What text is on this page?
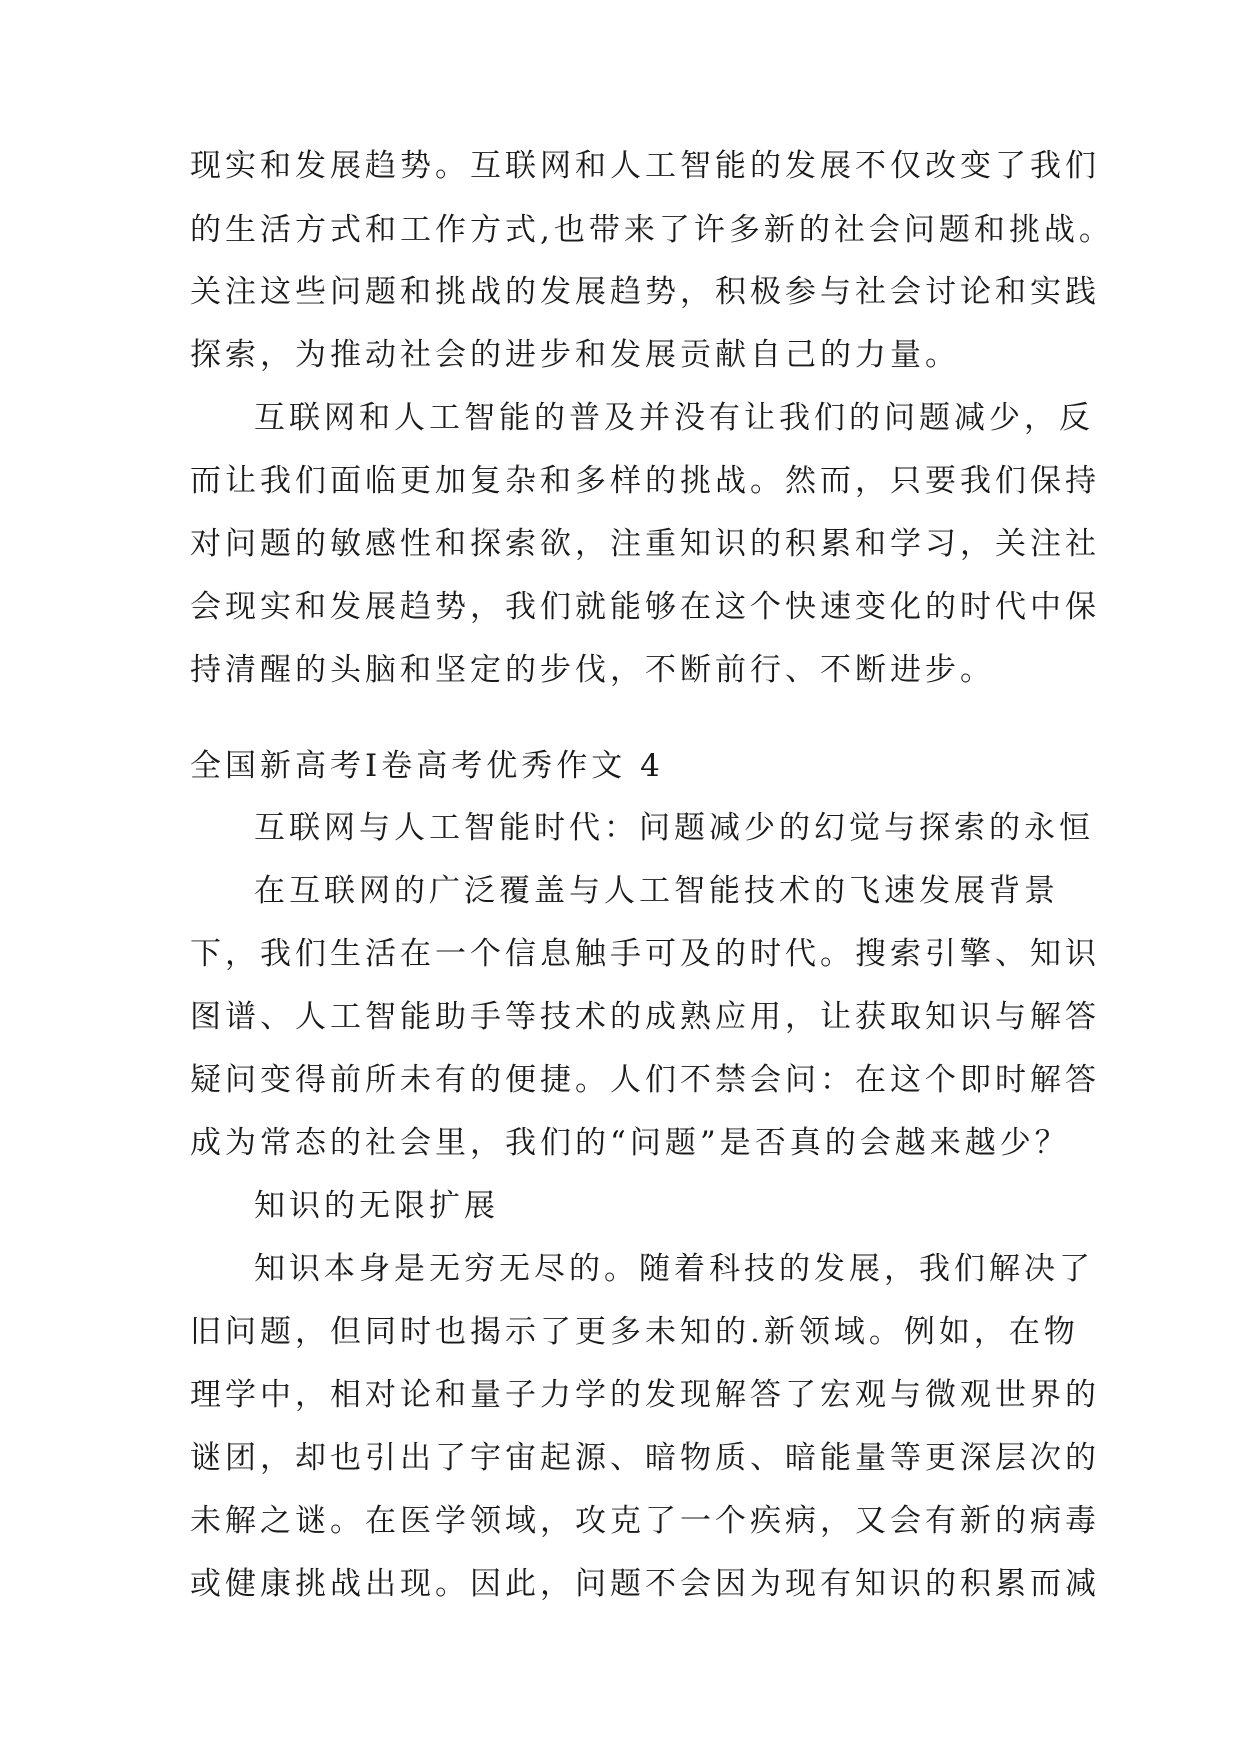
现实和发展趋势。互联网和人工智能的发展不仅改变了我们
的生活方式和工作方式,也带来了许多新的社会问题和挑战。
关注这些问题和挑战的发展趋势，积极参与社会讨论和实践
探索，为推动社会的进步和发展贡献自己的力量。
互联网和人工智能的普及并没有让我们的问题减少，反
而让我们面临更加复杂和多样的挑战。然而，只要我们保持
对问题的敏感性和探索欲，注重知识的积累和学习，关注社
会现实和发展趋势，我们就能够在这个快速变化的时代中保
持清醒的头脑和坚定的步伐，不断前行、不断进步。
全国新高考Ⅰ卷高考优秀作文 4
互联网与人工智能时代：问题减少的幻觉与探索的永恒
在互联网的广泛覆盖与人工智能技术的飞速发展背景
下，我们生活在一个信息触手可及的时代。搜索引擎、知识
图谱、人工智能助手等技术的成熟应用，让获取知识与解答
疑问变得前所未有的便捷。人们不禁会问：在这个即时解答
成为常态的社会里，我们的“问题”是否真的会越来越少？
知识的无限扩展
知识本身是无穷无尽的。随着科技的发展，我们解决了
旧问题，但同时也揭示了更多未知的.新领域。例如，在物
理学中，相对论和量子力学的发现解答了宏观与微观世界的
谜团，却也引出了宇宙起源、暗物质、暗能量等更深层次的
未解之谜。在医学领域，攻克了一个疾病，又会有新的病毒
或健康挑战出现。因此，问题不会因为现有知识的积累而减
